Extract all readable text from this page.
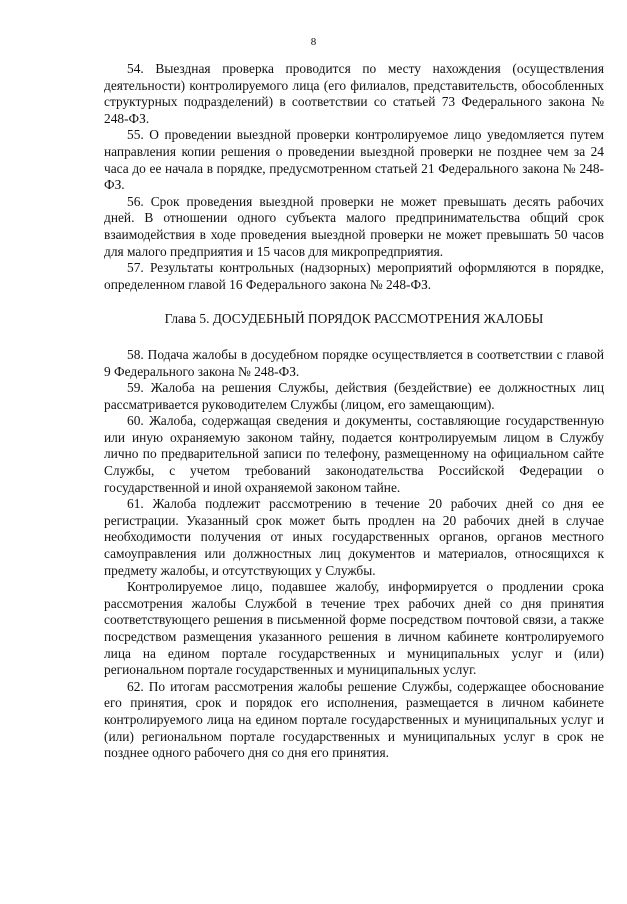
8

54. Выездная проверка проводится по месту нахождения (осуществления деятельности) контролируемого лица (его филиалов, представительств, обособленных структурных подразделений) в соответствии со статьей 73 Федерального закона № 248-ФЗ.

55. О проведении выездной проверки контролируемое лицо уведомляется путем направления копии решения о проведении выездной проверки не позднее чем за 24 часа до ее начала в порядке, предусмотренном статьей 21 Федерального закона № 248-ФЗ.

56. Срок проведения выездной проверки не может превышать десять рабочих дней. В отношении одного субъекта малого предпринимательства общий срок взаимодействия в ходе проведения выездной проверки не может превышать 50 часов для малого предприятия и 15 часов для микропредприятия.

57. Результаты контрольных (надзорных) мероприятий оформляются в порядке, определенном главой 16 Федерального закона № 248-ФЗ.

Глава 5. ДОСУДЕБНЫЙ ПОРЯДОК РАССМОТРЕНИЯ ЖАЛОБЫ

58. Подача жалобы в досудебном порядке осуществляется в соответствии с главой 9 Федерального закона № 248-ФЗ.

59. Жалоба на решения Службы, действия (бездействие) ее должностных лиц рассматривается руководителем Службы (лицом, его замещающим).

60. Жалоба, содержащая сведения и документы, составляющие государственную или иную охраняемую законом тайну, подается контролируемым лицом в Службу лично по предварительной записи по телефону, размещенному на официальном сайте Службы, с учетом требований законодательства Российской Федерации о государственной и иной охраняемой законом тайне.

61. Жалоба подлежит рассмотрению в течение 20 рабочих дней со дня ее регистрации. Указанный срок может быть продлен на 20 рабочих дней в случае необходимости получения от иных государственных органов, органов местного самоуправления или должностных лиц документов и материалов, относящихся к предмету жалобы, и отсутствующих у Службы.

Контролируемое лицо, подавшее жалобу, информируется о продлении срока рассмотрения жалобы Службой в течение трех рабочих дней со дня принятия соответствующего решения в письменной форме посредством почтовой связи, а также посредством размещения указанного решения в личном кабинете контролируемого лица на едином портале государственных и муниципальных услуг и (или) региональном портале государственных и муниципальных услуг.

62. По итогам рассмотрения жалобы решение Службы, содержащее обоснование его принятия, срок и порядок его исполнения, размещается в личном кабинете контролируемого лица на едином портале государственных и муниципальных услуг и (или) региональном портале государственных и муниципальных услуг в срок не позднее одного рабочего дня со дня его принятия.
